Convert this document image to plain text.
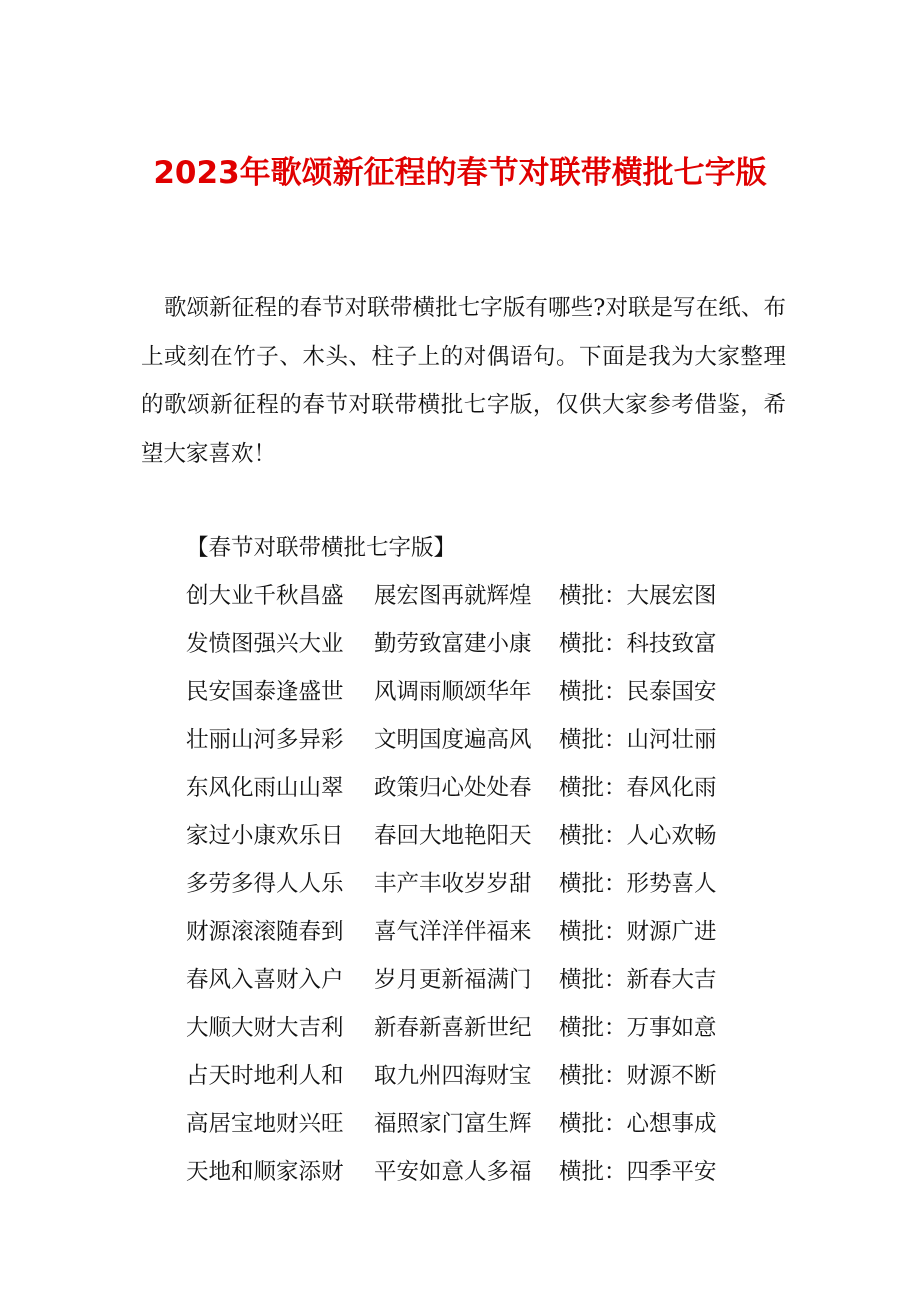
2023年歌颂新征程的春节对联带横批七字版
歌颂新征程的春节对联带横批七字版有哪些?对联是写在纸、布上或刻在竹子、木头、柱子上的对偶语句。下面是我为大家整理的歌颂新征程的春节对联带横批七字版，仅供大家参考借鉴，希望大家喜欢！
【春节对联带横批七字版】
创大业千秋昌盛	展宏图再就辉煌	横批： 大展宏图
发愤图强兴大业	勤劳致富建小康	横批： 科技致富
民安国泰逢盛世	风调雨顺颂华年	横批： 民泰国安
壮丽山河多异彩	文明国度遍高风	横批： 山河壮丽
东风化雨山山翠	政策归心处处春	横批： 春风化雨
家过小康欢乐日	春回大地艳阳天	横批： 人心欢畅
多劳多得人人乐	丰产丰收岁岁甜	横批： 形势喜人
财源滚滚随春到	喜气洋洋伴福来	横批： 财源广进
春风入喜财入户	岁月更新福满门	横批： 新春大吉
大顺大财大吉利	新春新喜新世纪	横批： 万事如意
占天时地利人和	取九州四海财宝	横批： 财源不断
高居宝地财兴旺	福照家门富生辉	横批： 心想事成
天地和顺家添财	平安如意人多福	横批： 四季平安
